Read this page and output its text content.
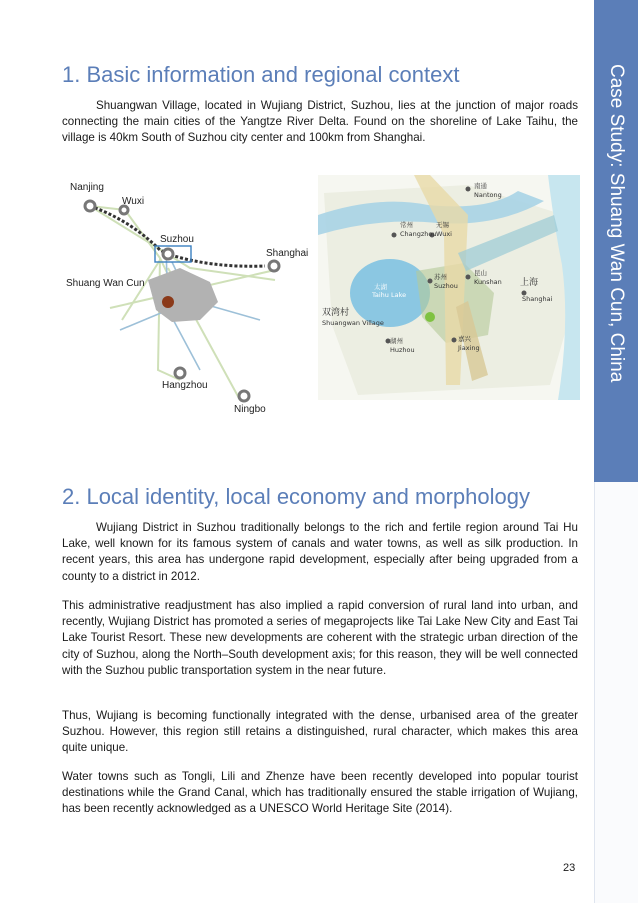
Case Study: Shuang Wan Cun, China
1. Basic information and regional context

Shuangwan Village, located in Wujiang District, Suzhou, lies at the junction of major roads connecting the main cities of the Yangtze River Delta. Found on the shoreline of Lake Taihu, the village is 40km South of Suzhou city center and 100km from Shanghai.

Nanjing
Wuxi
Suzhou
Shanghai
Shuang Wan Cun
Hangzhou
Ningbo
南通
Nantong
常州
Changzhou
无锡
Wuxi
昆山
Kunshan
苏州
Suzhou	上海
Shanghai
太湖
Taihu Lake
双湾村
Shuangwan Village
湖州
Huzhou
嘉兴
Jiaxing
2. Local identity, local economy and morphology

Wujiang District in Suzhou traditionally belongs to the rich and fertile region around Tai Hu Lake, well known for its famous system of canals and water towns, as well as silk production. In recent years, this area has undergone rapid development, especially after being upgraded from a county to a district in 2012.

This administrative readjustment has also implied a rapid conversion of rural land into urban, and recently, Wujiang District has promoted a series of megaprojects like Tai Lake New City and East Tai Lake Tourist Resort. These new developments are coherent with the strategic urban direction of the city of Suzhou, along the North–South development axis; for this reason, they will be well connected with the Suzhou public transportation system in the near future.

Thus, Wujiang is becoming functionally integrated with the dense, urbanised area of the greater Suzhou. However, this region still retains a distinguished, rural character, which makes this area quite unique.

Water towns such as Tongli, Lili and Zhenze have been recently developed into popular tourist destinations while the Grand Canal, which has traditionally ensured the stable irrigation of Wujiang, has been recently acknowledged as a UNESCO World Heritage Site (2014).

23
